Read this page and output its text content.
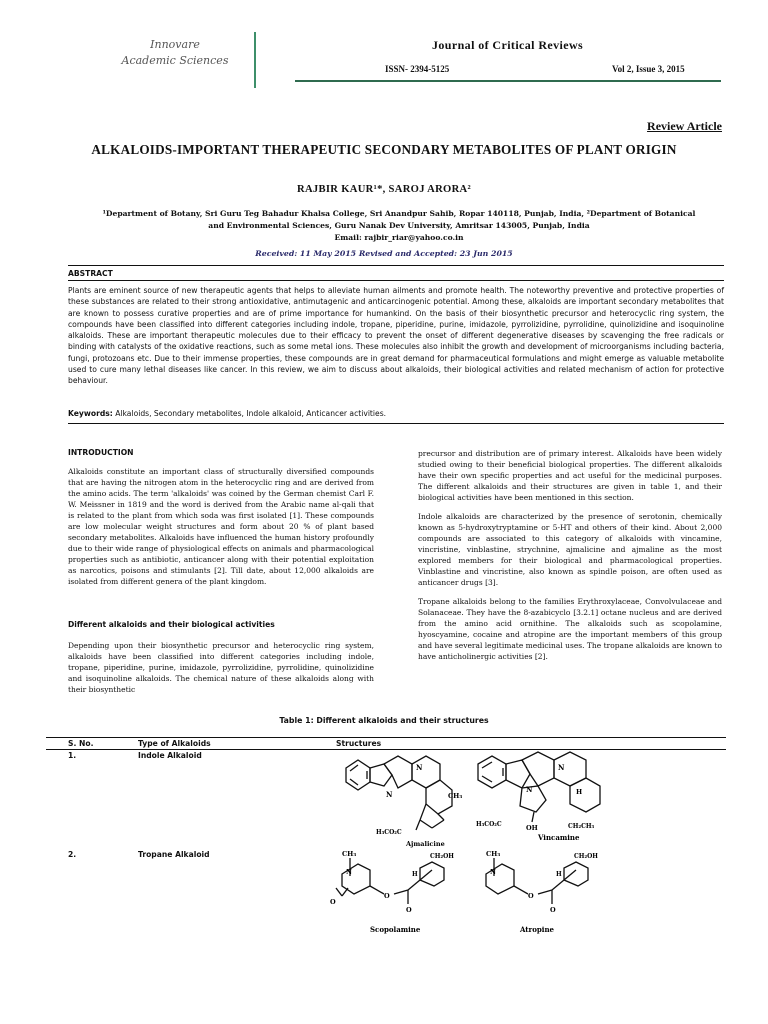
Innovare
Academic Sciences
Journal of Critical Reviews
ISSN- 2394-5125	Vol 2, Issue 3, 2015
Review Article
ALKALOIDS-IMPORTANT THERAPEUTIC SECONDARY METABOLITES OF PLANT ORIGIN
RAJBIR KAUR¹*, SAROJ ARORA²
¹Department of Botany, Sri Guru Teg Bahadur Khalsa College, Sri Anandpur Sahib, Ropar 140118, Punjab, India, ²Department of Botanical
and Environmental Sciences, Guru Nanak Dev University, Amritsar 143005, Punjab, India
Email: rajbir_riar@yahoo.co.in
Received: 11 May 2015 Revised and Accepted: 23 Jun 2015
ABSTRACT
Plants are eminent source of new therapeutic agents that helps to alleviate human ailments and promote health. The noteworthy preventive and protective properties of these substances are related to their strong antioxidative, antimutagenic and anticarcinogenic potential. Among these, alkaloids are important secondary metabolites that are known to possess curative properties and are of prime importance for humankind. On the basis of their biosynthetic precursor and heterocyclic ring system, the compounds have been classified into different categories including indole, tropane, piperidine, purine, imidazole, pyrrolizidine, pyrrolidine, quinolizidine and isoquinoline alkaloids. These are important therapeutic molecules due to their efficacy to prevent the onset of different degenerative diseases by scavenging the free radicals or binding with catalysts of the oxidative reactions, such as some metal ions. These molecules also inhibit the growth and development of microorganisms including bacteria, fungi, protozoans etc. Due to their immense properties, these compounds are in great demand for pharmaceutical formulations and might emerge as valuable metabolite used to cure many lethal diseases like cancer. In this review, we aim to discuss about alkaloids, their biological activities and related mechanism of action for protective behaviour.
Keywords: Alkaloids, Secondary metabolites, Indole alkaloid, Anticancer activities.
INTRODUCTION

Alkaloids constitute an important class of structurally diversified compounds that are having the nitrogen atom in the heterocyclic ring and are derived from the amino acids. The term 'alkaloids' was coined by the German chemist Carl F. W. Meissner in 1819 and the word is derived from the Arabic name al-qali that is related to the plant from which soda was first isolated [1]. These compounds are low molecular weight structures and form about 20 % of plant based secondary metabolites. Alkaloids have influenced the human history profoundly due to their wide range of physiological effects on animals and pharmacological properties such as antibiotic, anticancer along with their potential exploitation as narcotics, poisons and stimulants [2]. Till date, about 12,000 alkaloids are isolated from different genera of the plant kingdom.

Different alkaloids and their biological activities

Depending upon their biosynthetic precursor and heterocyclic ring system, alkaloids have been classified into different categories including indole, tropane, piperidine, purine, imidazole, pyrrolizidine, pyrrolidine, quinolizidine and isoquinoline alkaloids. The chemical nature of these alkaloids along with their biosynthetic

precursor and distribution are of primary interest. Alkaloids have been widely studied owing to their beneficial biological properties. The different alkaloids have their own specific properties and act useful for the medicinal purposes. The different alkaloids and their structures are given in table 1, and their biological activities have been mentioned in this section.

Indole alkaloids are characterized by the presence of serotonin, chemically known as 5-hydroxytryptamine or 5-HT and others of their kind. About 2,000 compounds are associated to this category of alkaloids with vincamine, vincristine, vinblastine, strychnine, ajmalicine and ajmaline as the most explored members for their biological and pharmacological properties. Vinblastine and vincristine, also known as spindle poison, are often used as anticancer drugs [3].

Tropane alkaloids belong to the families Erythroxylaceae, Convolvulaceae and Solanaceae. They have the 8-azabicyclo [3.2.1] octane nucleus and are derived from the amino acid ornithine. The alkaloids such as scopolamine, hyoscyamine, cocaine and atropine are the important members of this group and have several legitimate medicinal uses. The tropane alkaloids are known to have anticholinergic activities [2].

Table 1: Different alkaloids and their structures
S. No.	Type of Alkaloids	Structures
1.	Indole Alkaloid
2.	Tropane Alkaloid
N
N
CH₃
H₃CO₂C
Ajmalicine
N
N
H
H₃CO₂C	OH	CH₂CH₃
Vincamine
CH₃
N
O
O
O
H
CH₂OH
Scopolamine
CH₃
N
O
O
H
CH₂OH
Atropine
